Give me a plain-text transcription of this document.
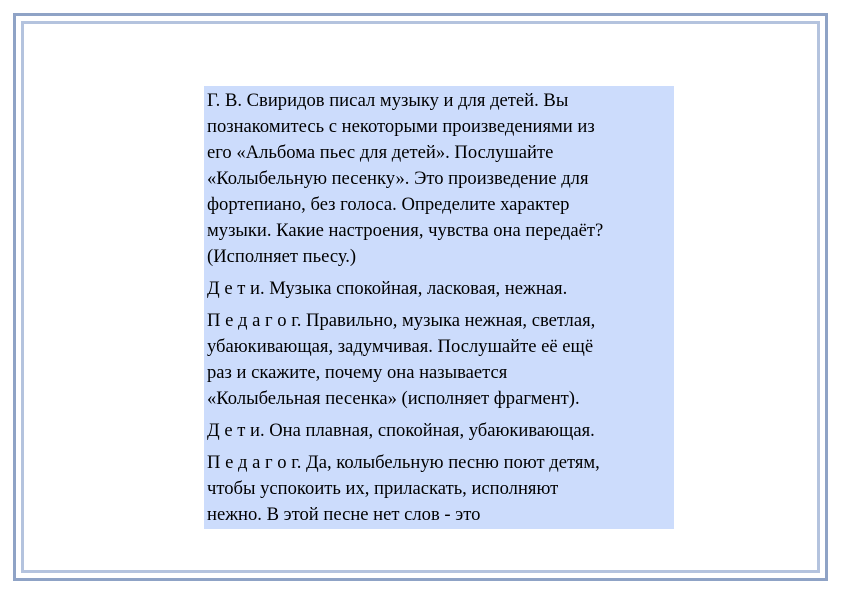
Г. В. Свиридов писал музыку и для детей. Вы
познакомитесь с некоторыми произведениями из
его «Альбома пьес для детей». Послушайте
«Колыбельную песенку». Это произведение для
фортепиано, без голоса. Определите характер
музыки. Какие настроения, чувства она передаёт?
(Исполняет пьесу.)
Д е т и. Музыка спокойная, ласковая, нежная.
П е д а г о г. Правильно, музыка нежная, светлая,
убаюкивающая, задумчивая. Послушайте её ещё
раз и скажите, почему она называется
«Колыбельная песенка» (исполняет фрагмент).
Д е т и. Она плавная, спокойная, убаюкивающая.
П е д а г о г. Да, колыбельную песню поют детям,
чтобы успокоить их, приласкать, исполняют
нежно. В этой песне нет слов - это
